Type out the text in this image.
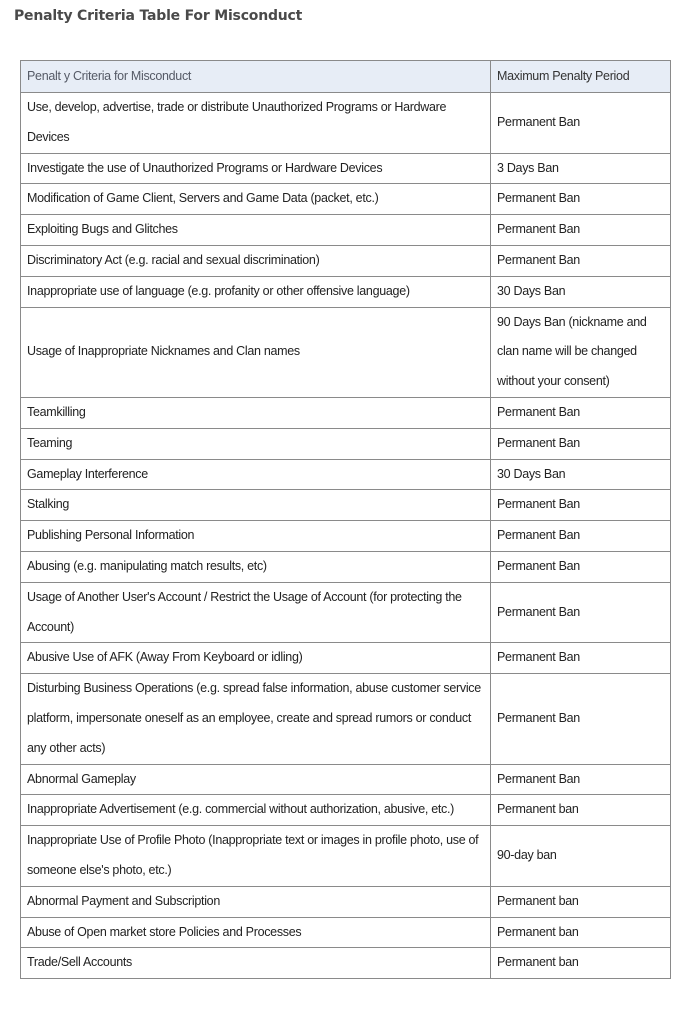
Penalty Criteria Table For Misconduct
Penalt y Criteria for Misconduct	Maximum Penalty Period
Use, develop, advertise, trade or distribute Unauthorized Programs or Hardware Devices	Permanent Ban
Investigate the use of Unauthorized Programs or Hardware Devices	3 Days Ban
Modification of Game Client, Servers and Game Data (packet, etc.)	Permanent Ban
Exploiting Bugs and Glitches	Permanent Ban
Discriminatory Act (e.g. racial and sexual discrimination)	Permanent Ban
Inappropriate use of language (e.g. profanity or other offensive language)	30 Days Ban
Usage of Inappropriate Nicknames and Clan names	90 Days Ban (nickname and clan name will be changed without your consent)
Teamkilling	Permanent Ban
Teaming	Permanent Ban
Gameplay Interference	30 Days Ban
Stalking	Permanent Ban
Publishing Personal Information	Permanent Ban
Abusing (e.g. manipulating match results, etc)	Permanent Ban
Usage of Another User's Account / Restrict the Usage of Account (for protecting the Account)	Permanent Ban
Abusive Use of AFK (Away From Keyboard or idling)	Permanent Ban
Disturbing Business Operations (e.g. spread false information, abuse customer service platform, impersonate oneself as an employee, create and spread rumors or conduct any other acts)	Permanent Ban
Abnormal Gameplay	Permanent Ban
Inappropriate Advertisement (e.g. commercial without authorization, abusive, etc.)	Permanent ban
Inappropriate Use of Profile Photo (Inappropriate text or images in profile photo, use of someone else's photo, etc.)	90-day ban
Abnormal Payment and Subscription	Permanent ban
Abuse of Open market store Policies and Processes	Permanent ban
Trade/Sell Accounts	Permanent ban
